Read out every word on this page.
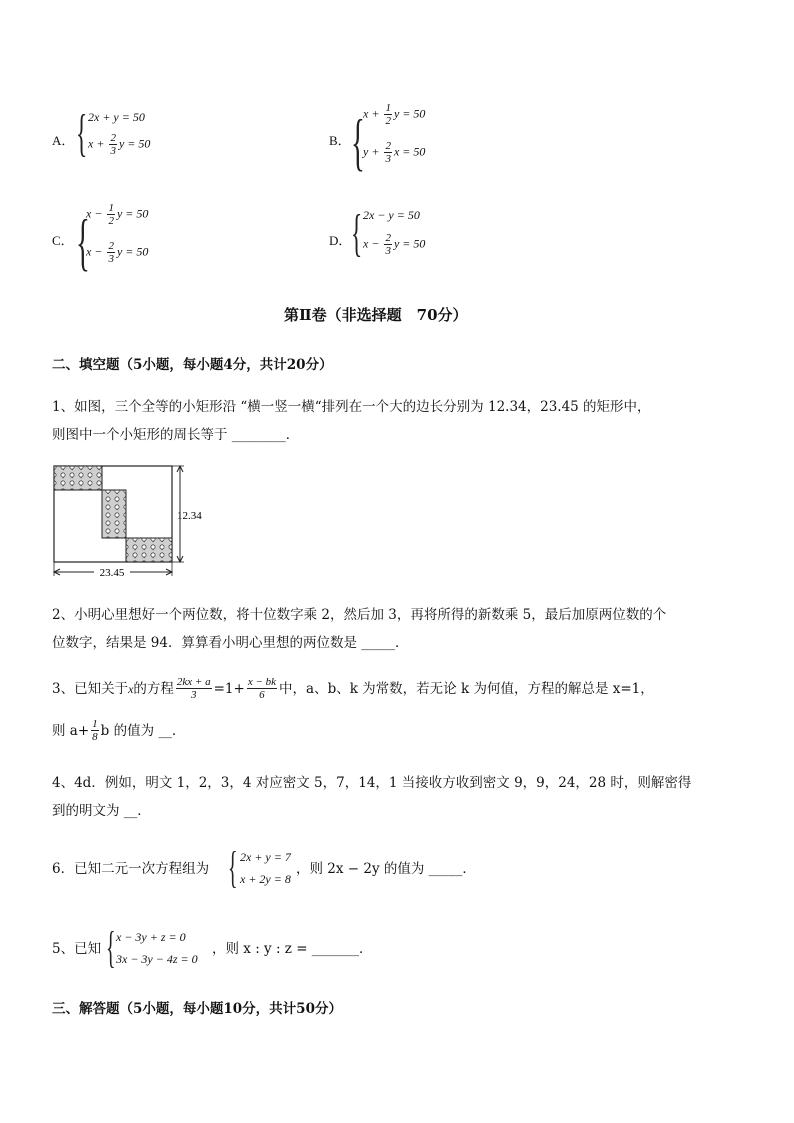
A． { 2x + y = 50
$x + \frac{2}{3}$ y = 50	B． {
$x + \frac{1}{2}$ y = 50
$y + \frac{2}{3}$ x = 50
C． {
$x - \frac{1}{2}$ y = 50
$x - \frac{2}{3}$ y = 50
D． { 2x − y = 50
$x - \frac{2}{3}$ y = 50
第Ⅱ卷（非选择题　70分）
二、填空题（5小题，每小题4分，共计20分）
1、如图，三个全等的小矩形沿 “横一竖一横“排列在一个大的边长分别为 12.34，23.45 的矩形中，
则图中一个小矩形的周长等于 ________．
23.45
12.34
2、小明心里想好一个两位数，将十位数字乘 2，然后加 3，再将所得的新数乘 5，最后加原两位数的个
位数字，结果是 94．算算看小明心里想的两位数是 _____．
3、已知关于 x 的方程 $\frac{2kx + a}{3} =1+ \frac{x - bk}{6}$ 中，a、b、k 为常数，若无论 k 为何值，方程的解总是 x=1，
则 $a+ \frac{1}{8}$ b 的值为 __．
4、4d．例如，明文 1，2，3，4 对应密文 5，7，14，1 当接收方收到密文 9，9，24，28 时，则解密得
到的明文为 __．
6．已知二元一次方程组为 { 2x + y = 7
x + 2y = 8
，则 2x − 2y 的值为 _____．
5、已知 { x − 3y + z = 0
3x − 3y − 4z = 0
，则 x : y : z = _______．
三、解答题（5小题，每小题10分，共计50分）
